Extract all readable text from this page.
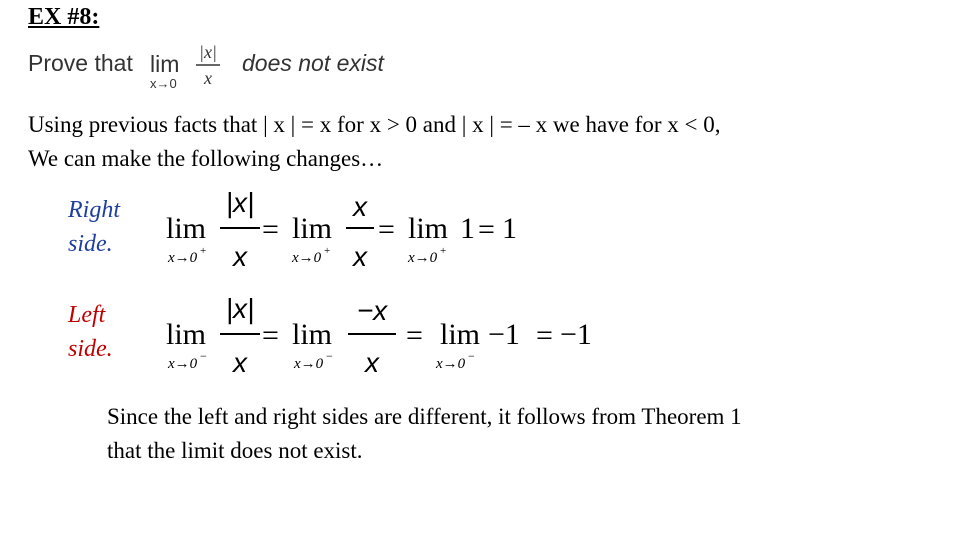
EX #8:
Prove that lim
x→0
|x|
x
does not exist
Using previous facts that | x | = x for x > 0 and | x | = – x we have for x < 0,
We can make the following changes…
Right
side. lim
x→0 +
|x|
x
= lim
x→0 +
x
x
= lim
x→0 +
1 = 1
Left
side. lim
x→0 −
|x|
x
= lim
x→0 −
−x
x
= lim
x→0 −
−1 = −1
Since the left and right sides are different, it follows from Theorem 1
that the limit does not exist.
